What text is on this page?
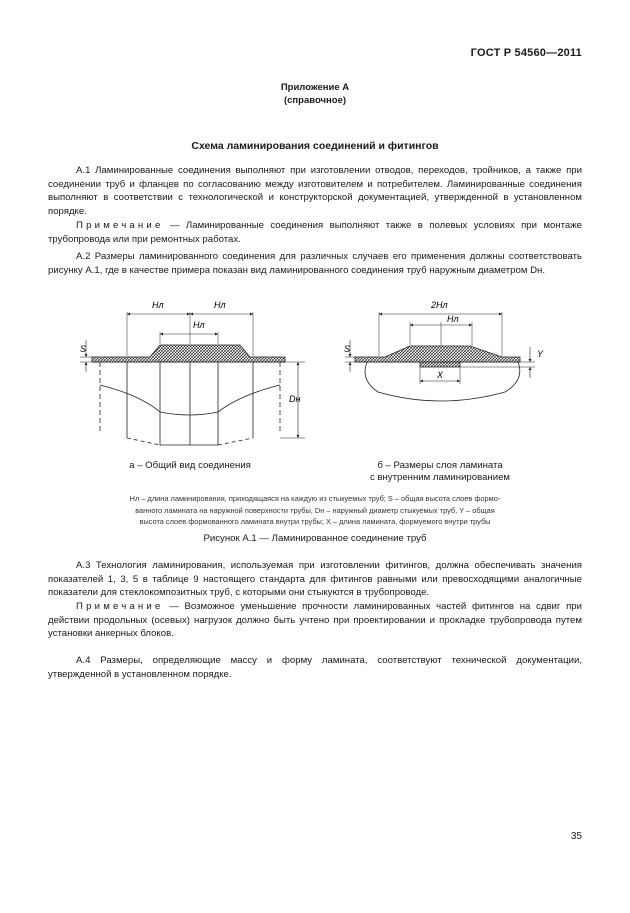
ГОСТ Р 54560—2011
Приложение А
(справочное)
Схема ламинирования соединений и фитингов

А.1 Ламинированные соединения выполняют при изготовлении отводов, переходов, тройников, а также при соединении труб и фланцев по согласованию между изготовителем и потребителем. Ламинированные соединения выполняют в соответствии с технологической и конструкторской документацией, утвержденной в установленном порядке.

Примечание — Ламинированные соединения выполняют также в полевых условиях при монтаже трубопровода или при ремонтных работах.

А.2 Размеры ламинированного соединения для различных случаев его применения должны соответствовать рисунку А.1, где в качестве примера показан вид ламинированного соединения труб наружным диаметром Dн.

Hл	Hл
Hл
S
Dн
2Hл
Hл
S	Y
X
а – Общий вид соединения	б – Размеры слоя ламината
с внутренним ламинированием
Hл – длина ламинирования, приходящаяся на каждую из стыкуемых труб; S – общая высота слоев формо-
ванного ламината на наружной поверхности трубы, Dн – наружный диаметр стыкуемых труб, Y – общая
высота слоев формованного ламината внутри трубы; X – длина ламината, формуемого внутри трубы
Рисунок А.1 — Ламинированное соединение труб

А.3 Технология ламинирования, используемая при изготовлении фитингов, должна обеспечивать значения показателей 1, 3, 5 в таблице 9 настоящего стандарта для фитингов равными или превосходящими аналогичные показатели для стеклокомпозитных труб, с которыми они стыкуются в трубопроводе.

Примечание — Возможное уменьшение прочности ламинированных частей фитингов на сдвиг при действии продольных (осевых) нагрузок должно быть учтено при проектировании и прокладке трубопровода путем установки анкерных блоков.

А.4 Размеры, определяющие массу и форму ламината, соответствуют технической документации, утвержденной в установленном порядке.

35
